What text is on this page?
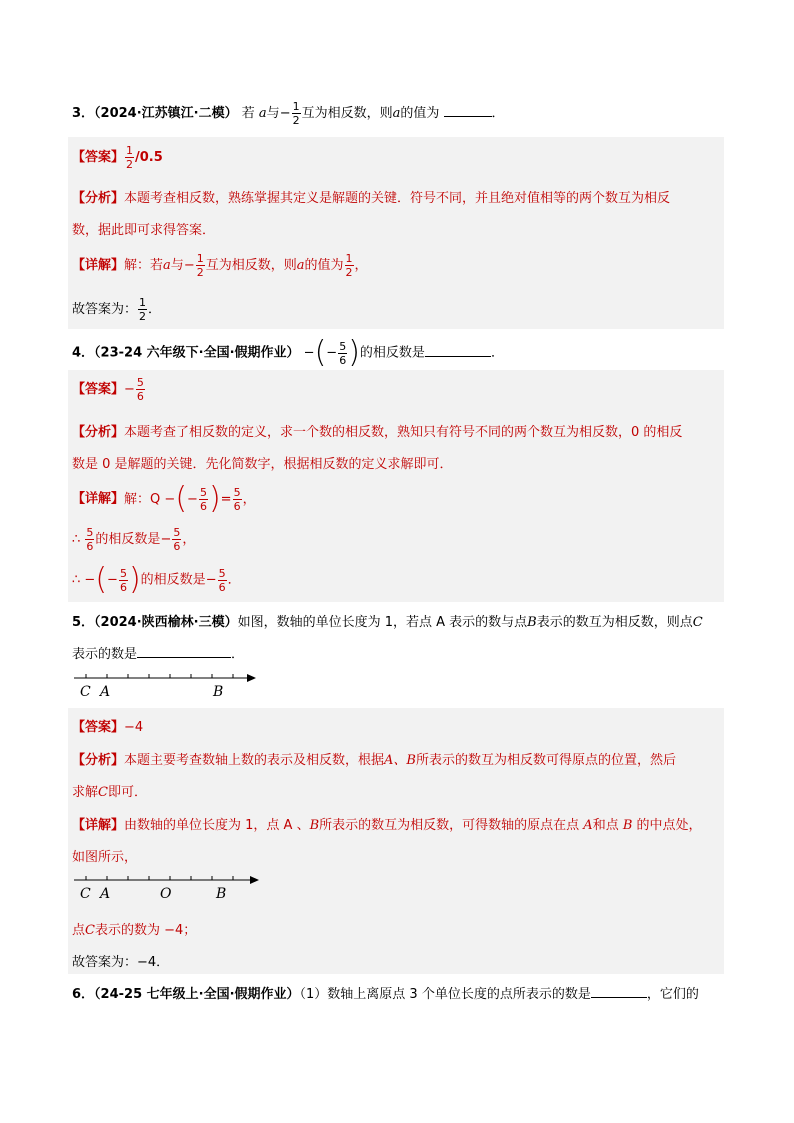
3．（2024·江苏镇江·二模） 若 a与− $\frac{1}{2}$ 互为相反数，则a的值为	．
【答案】 $\frac{1}{2} /0.5$
【分析】本题考查相反数，熟练掌握其定义是解题的关键．符号不同，并且绝对值相等的两个数互为相反
数，据此即可求得答案．
【详解】解：若a与− $\frac{1}{2}$ 互为相反数，则a的值为 $\frac{1}{2}$ ，
故答案为： $\frac{1}{2}$ ．
4．（23-24 六年级下·全国·假期作业） −(− $\frac{5}{6}$ )的相反数是	．
【答案】− $\frac{5}{6}$
【分析】本题考查了相反数的定义，求一个数的相反数，熟知只有符号不同的两个数互为相反数，0 的相反
数是 0 是解题的关键．先化简数字，根据相反数的定义求解即可．
【详解】解：Q −(− $\frac{5}{6}$ )= $\frac{5}{6}$ ，
∴ $\frac{5}{6}$ 的相反数是− $\frac{5}{6}$ ，
∴ −(− $\frac{5}{6}$ )的相反数是− $\frac{5}{6}$ ．
5．（2024·陕西榆林·三模）如图，数轴的单位长度为 1，若点 A 表示的数与点B表示的数互为相反数，则点C
表示的数是	．
C A	B
【答案】−4
【分析】本题主要考查数轴上数的表示及相反数，根据A、B所表示的数互为相反数可得原点的位置，然后
求解C即可．
【详解】由数轴的单位长度为 1，点 A 、B所表示的数互为相反数，可得数轴的原点在点 A和点 B 的中点处，
如图所示，
C A	O	B
点C表示的数为 −4；
故答案为：−4．
6．（24-25 七年级上·全国·假期作业）（1）数轴上离原点 3 个单位长度的点所表示的数是	，它们的
